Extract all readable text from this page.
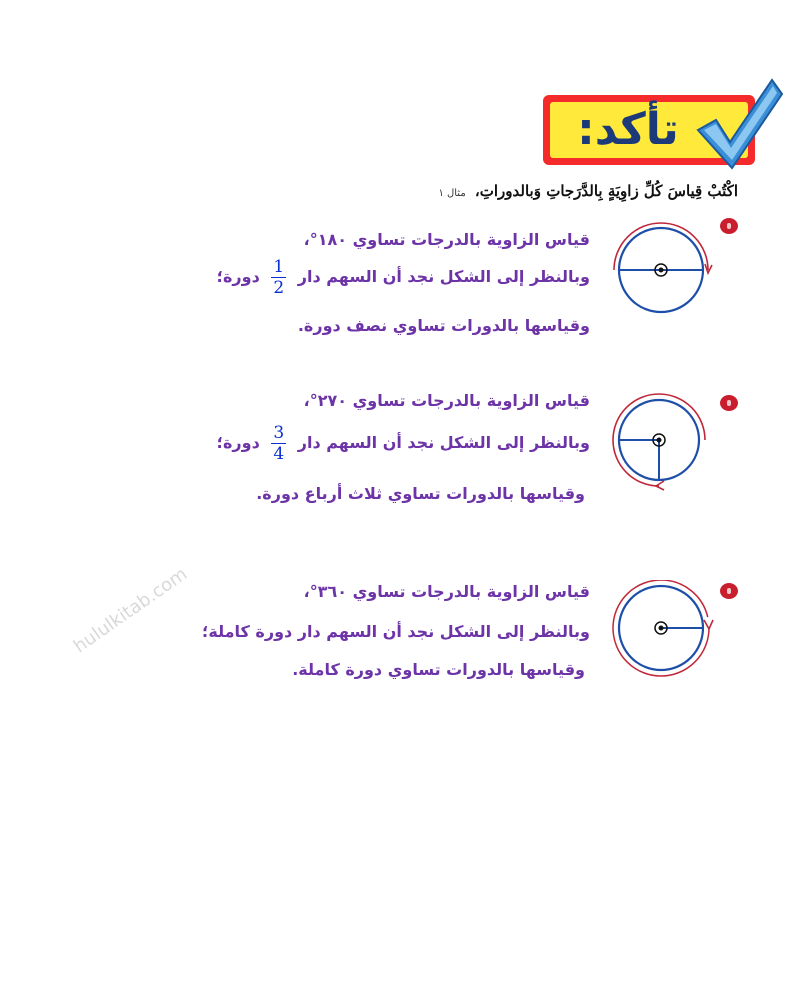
تأكد:
اكْتُبْ قِياسَ كُلِّ زاوِيَةٍ بِالدَّرَجاتِ وَبالدوراتِ، مثال ١
قياس الزاوية بالدرجات تساوي ١٨٠°،
وبالنظر إلى الشكل نجد أن السهم دار
$\frac{1}{2}$
دورة؛
وقياسها بالدورات تساوي نصف دورة.
قياس الزاوية بالدرجات تساوي ٢٧٠°،
وبالنظر إلى الشكل نجد أن السهم دار
$\frac{3}{4}$
دورة؛
وقياسها بالدورات تساوي ثلاث أرباع دورة.
قياس الزاوية بالدرجات تساوي ٣٦٠°،
وبالنظر إلى الشكل نجد أن السهم دار دورة كاملة؛
وقياسها بالدورات تساوي دورة كاملة.
hululkitab.com
